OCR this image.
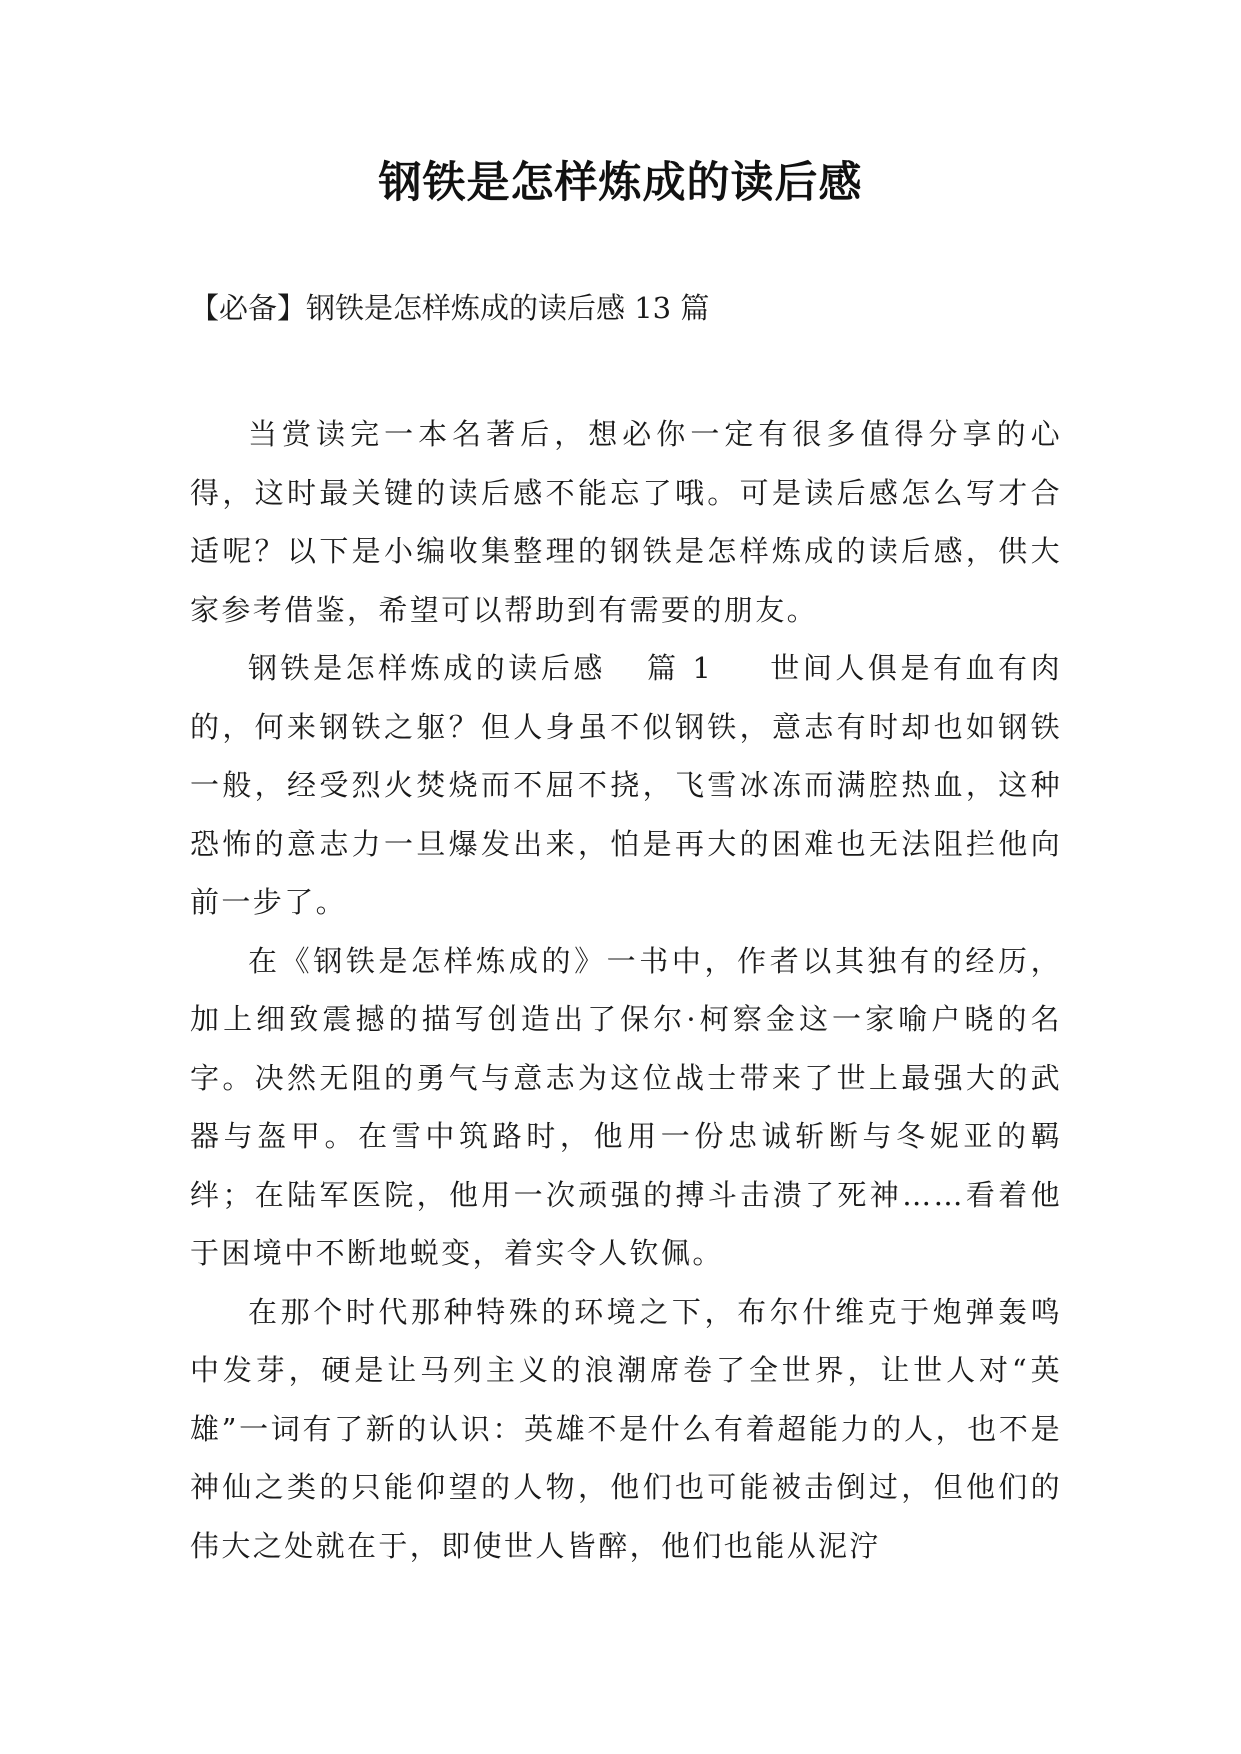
钢铁是怎样炼成的读后感

【必备】钢铁是怎样炼成的读后感 13 篇

当赏读完一本名著后，想必你一定有很多值得分享的心得，这时最关键的读后感不能忘了哦。可是读后感怎么写才合适呢？以下是小编收集整理的钢铁是怎样炼成的读后感，供大家参考借鉴，希望可以帮助到有需要的朋友。

钢铁是怎样炼成的读后感 篇 1 世间人俱是有血有肉的，何来钢铁之躯？但人身虽不似钢铁，意志有时却也如钢铁一般，经受烈火焚烧而不屈不挠，飞雪冰冻而满腔热血，这种恐怖的意志力一旦爆发出来，怕是再大的困难也无法阻拦他向前一步了。

在《钢铁是怎样炼成的》一书中，作者以其独有的经历，加上细致震撼的描写创造出了保尔·柯察金这一家喻户晓的名字。决然无阻的勇气与意志为这位战士带来了世上最强大的武器与盔甲。在雪中筑路时，他用一份忠诚斩断与冬妮亚的羁绊；在陆军医院，他用一次顽强的搏斗击溃了死神……看着他于困境中不断地蜕变，着实令人钦佩。

在那个时代那种特殊的环境之下，布尔什维克于炮弹轰鸣中发芽，硬是让马列主义的浪潮席卷了全世界，让世人对“英雄”一词有了新的认识：英雄不是什么有着超能力的人，也不是神仙之类的只能仰望的人物，他们也可能被击倒过，但他们的伟大之处就在于，即使世人皆醉，他们也能从泥泞
